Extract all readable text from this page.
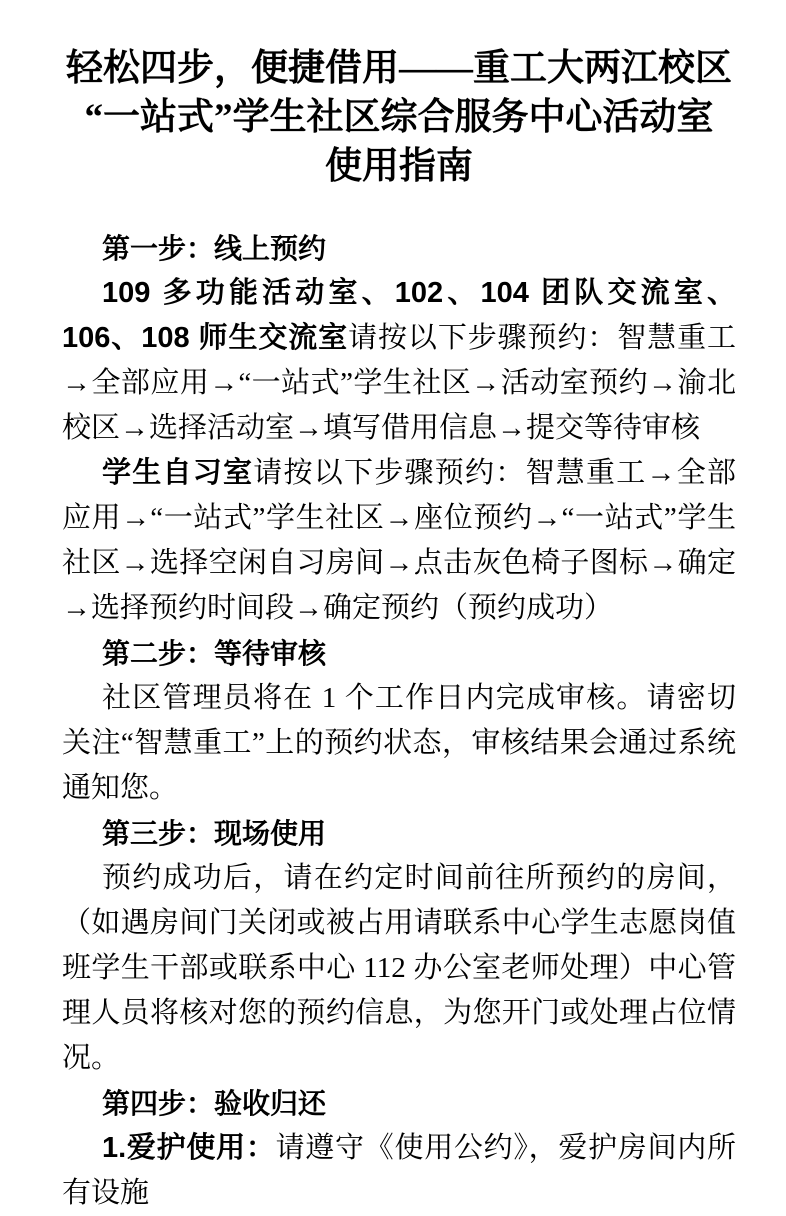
轻松四步，便捷借用——重工大两江校区
“一站式”学生社区综合服务中心活动室
使用指南
第一步：线上预约

109 多功能活动室、102、104 团队交流室、106、108 师生交流室请按以下步骤预约：智慧重工→全部应用→“一站式”学生社区→活动室预约→渝北校区→选择活动室→填写借用信息→提交等待审核

学生自习室请按以下步骤预约：智慧重工→全部应用→“一站式”学生社区→座位预约→“一站式”学生社区→选择空闲自习房间→点击灰色椅子图标→确定→选择预约时间段→确定预约（预约成功）

第二步：等待审核

社区管理员将在 1 个工作日内完成审核。请密切关注“智慧重工”上的预约状态，审核结果会通过系统通知您。

第三步：现场使用

预约成功后，请在约定时间前往所预约的房间，（如遇房间门关闭或被占用请联系中心学生志愿岗值班学生干部或联系中心 112 办公室老师处理）中心管理人员将核对您的预约信息，为您开门或处理占位情况。

第四步：验收归还

1.爱护使用：请遵守《使用公约》，爱护房间内所有设施
